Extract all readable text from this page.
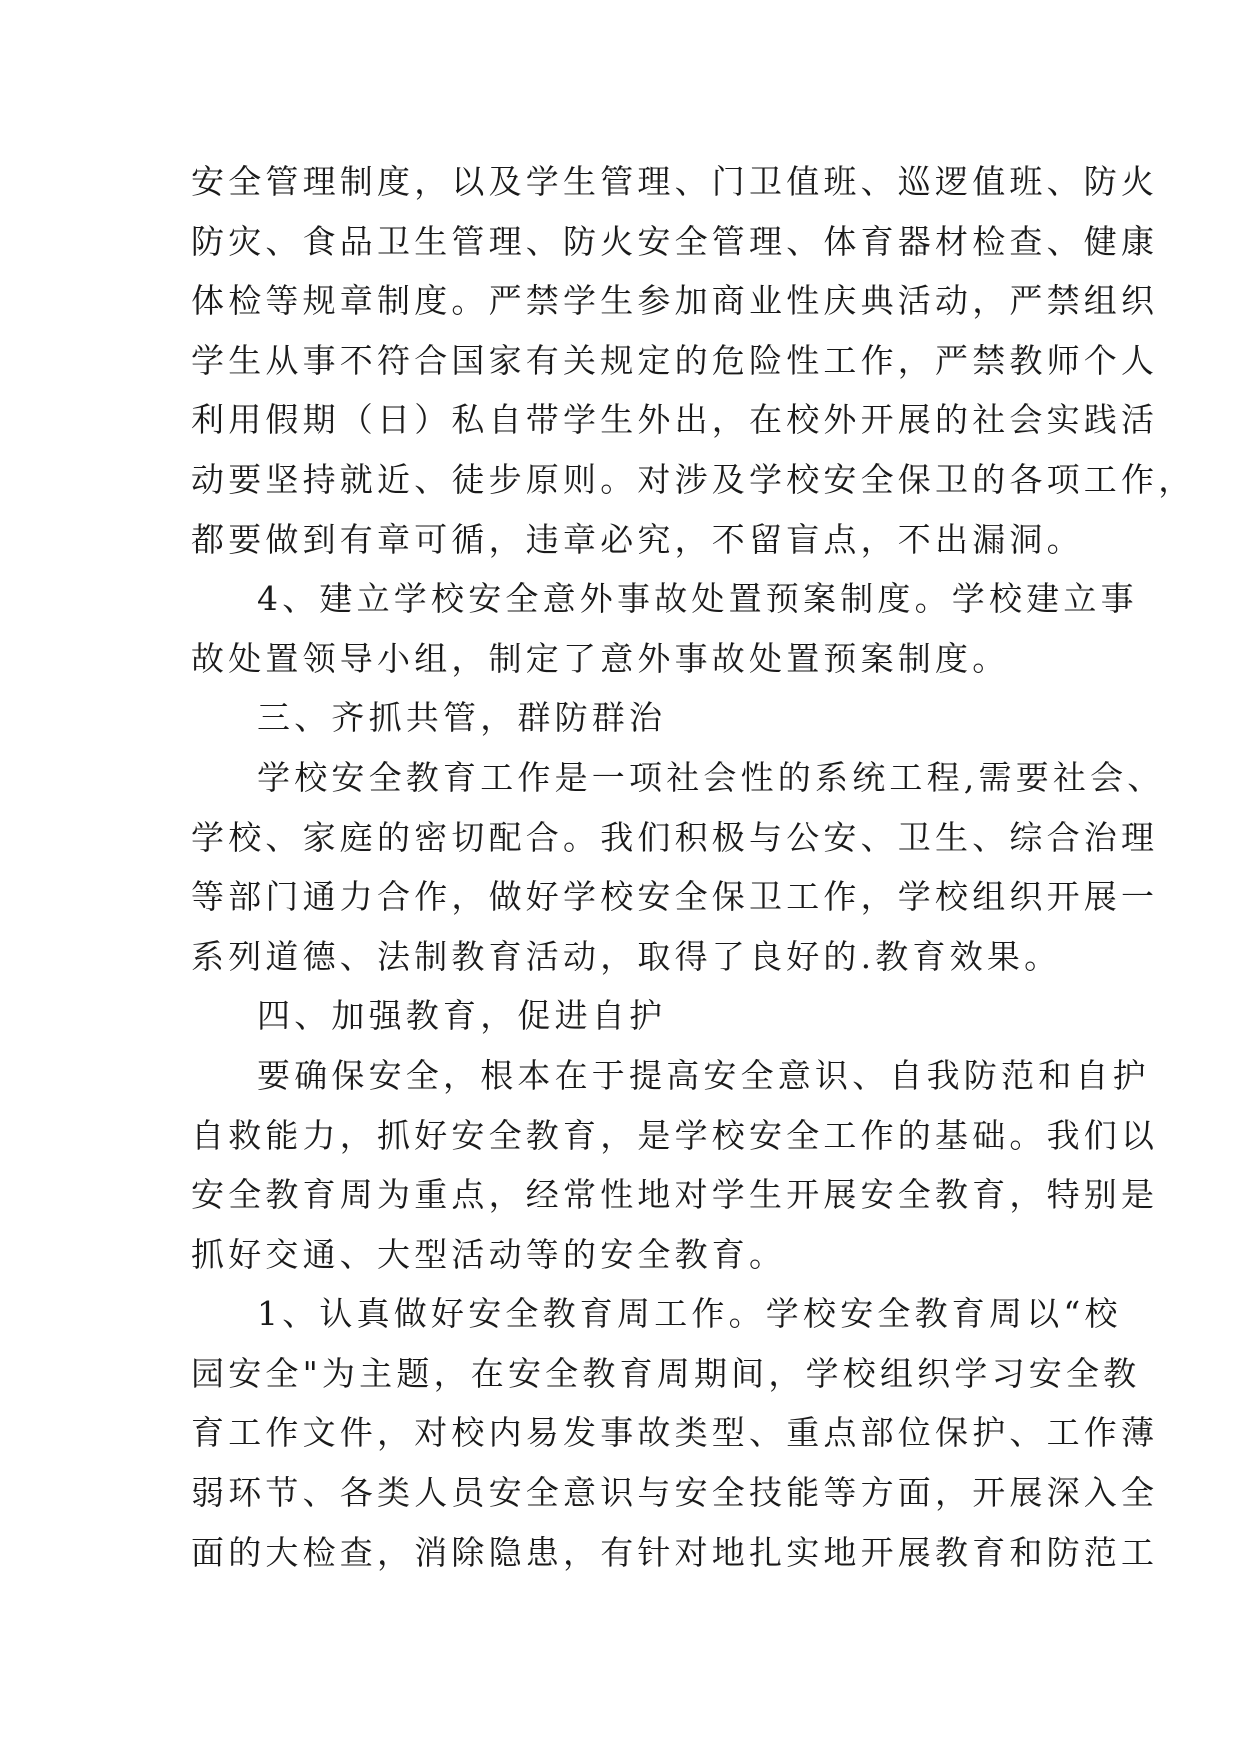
安全管理制度，以及学生管理、门卫值班、巡逻值班、防火
防灾、食品卫生管理、防火安全管理、体育器材检查、健康
体检等规章制度。严禁学生参加商业性庆典活动，严禁组织
学生从事不符合国家有关规定的危险性工作，严禁教师个人
利用假期（日）私自带学生外出，在校外开展的社会实践活
动要坚持就近、徒步原则。对涉及学校安全保卫的各项工作，
都要做到有章可循，违章必究，不留盲点，不出漏洞。

4、建立学校安全意外事故处置预案制度。学校建立事
故处置领导小组，制定了意外事故处置预案制度。

三、齐抓共管，群防群治

学校安全教育工作是一项社会性的系统工程,需要社会、
学校、家庭的密切配合。我们积极与公安、卫生、综合治理
等部门通力合作，做好学校安全保卫工作，学校组织开展一
系列道德、法制教育活动，取得了良好的.教育效果。

四、加强教育，促进自护

要确保安全，根本在于提高安全意识、自我防范和自护
自救能力，抓好安全教育，是学校安全工作的基础。我们以
安全教育周为重点，经常性地对学生开展安全教育，特别是
抓好交通、大型活动等的安全教育。

1、认真做好安全教育周工作。学校安全教育周以“校
园安全"为主题，在安全教育周期间，学校组织学习安全教
育工作文件，对校内易发事故类型、重点部位保护、工作薄
弱环节、各类人员安全意识与安全技能等方面，开展深入全
面的大检查，消除隐患，有针对地扎实地开展教育和防范工
